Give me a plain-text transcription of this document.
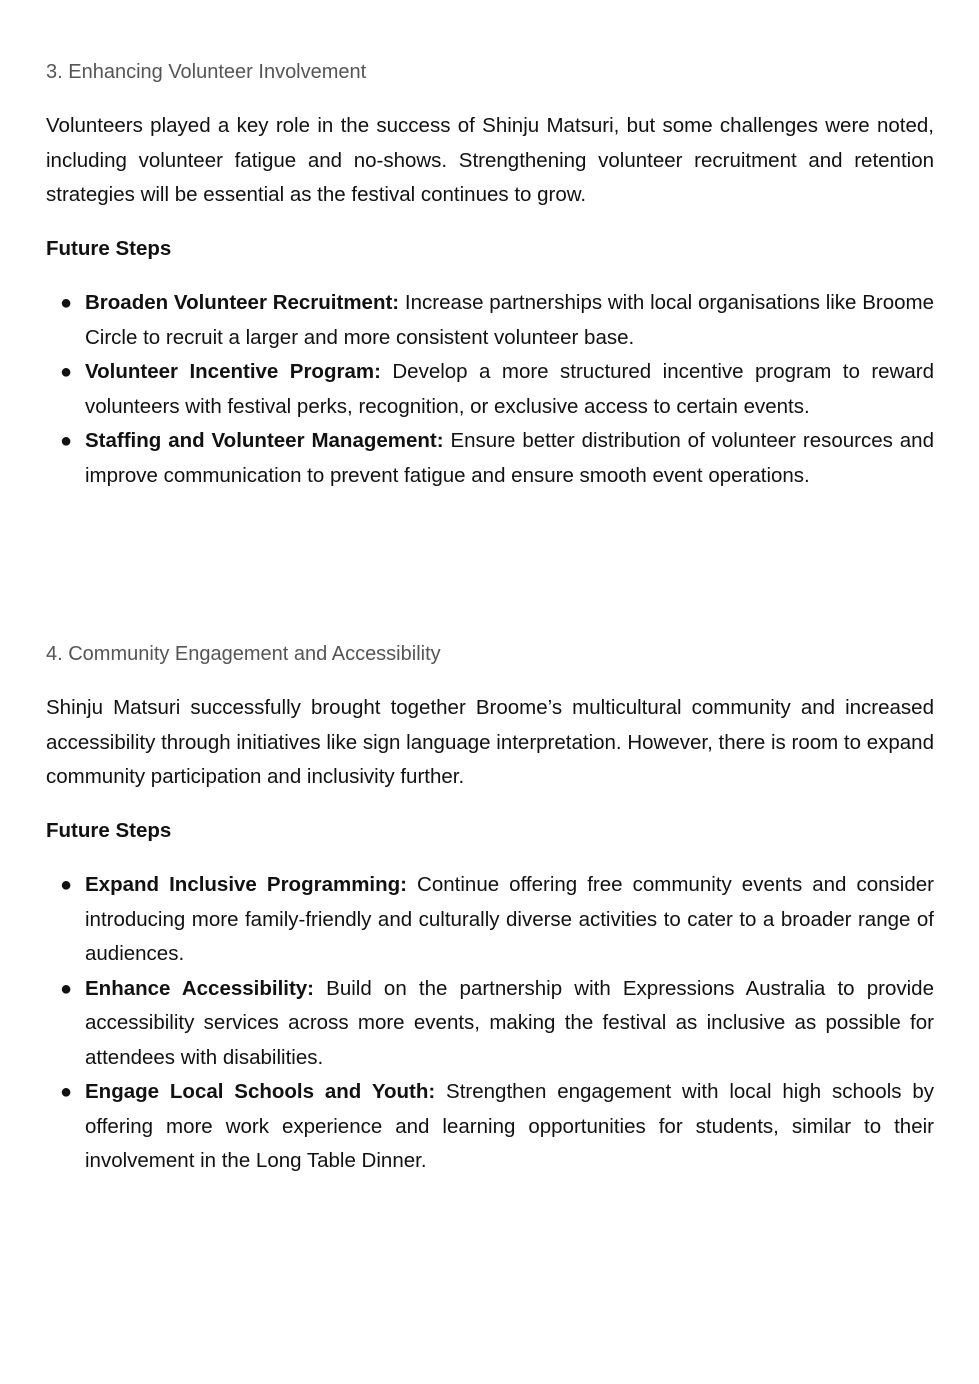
3. Enhancing Volunteer Involvement

Volunteers played a key role in the success of Shinju Matsuri, but some challenges were noted, including volunteer fatigue and no-shows. Strengthening volunteer recruitment and retention strategies will be essential as the festival continues to grow.

Future Steps
● Broaden Volunteer Recruitment: Increase partnerships with local organisations like Broome Circle to recruit a larger and more consistent volunteer base.
● Volunteer Incentive Program: Develop a more structured incentive program to reward volunteers with festival perks, recognition, or exclusive access to certain events.
● Staffing and Volunteer Management: Ensure better distribution of volunteer resources and improve communication to prevent fatigue and ensure smooth event operations.
4. Community Engagement and Accessibility

Shinju Matsuri successfully brought together Broome’s multicultural community and increased accessibility through initiatives like sign language interpretation. However, there is room to expand community participation and inclusivity further.

Future Steps
● Expand Inclusive Programming: Continue offering free community events and consider introducing more family-friendly and culturally diverse activities to cater to a broader range of audiences.
● Enhance Accessibility: Build on the partnership with Expressions Australia to provide accessibility services across more events, making the festival as inclusive as possible for attendees with disabilities.
● Engage Local Schools and Youth: Strengthen engagement with local high schools by offering more work experience and learning opportunities for students, similar to their involvement in the Long Table Dinner.
